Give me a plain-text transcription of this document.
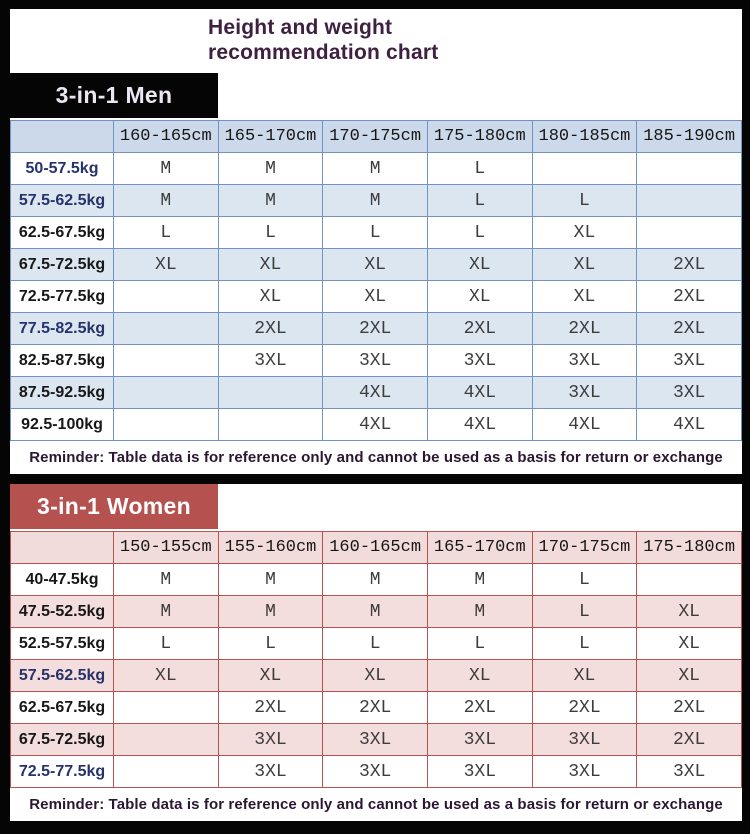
Height and weight recommendation chart
3-in-1 Men
	160-165cm	165-170cm	170-175cm	175-180cm	180-185cm	185-190cm
50-57.5kg	M	M	M	L		
57.5-62.5kg	M	M	M	L	L	
62.5-67.5kg	L	L	L	L	XL	
67.5-72.5kg	XL	XL	XL	XL	XL	2XL
72.5-77.5kg		XL	XL	XL	XL	2XL
77.5-82.5kg		2XL	2XL	2XL	2XL	2XL
82.5-87.5kg		3XL	3XL	3XL	3XL	3XL
87.5-92.5kg			4XL	4XL	3XL	3XL
92.5-100kg			4XL	4XL	4XL	4XL
Reminder: Table data is for reference only and cannot be used as a basis for return or exchange
3-in-1 Women
	150-155cm	155-160cm	160-165cm	165-170cm	170-175cm	175-180cm
40-47.5kg	M	M	M	M	L	
47.5-52.5kg	M	M	M	M	L	XL
52.5-57.5kg	L	L	L	L	L	XL
57.5-62.5kg	XL	XL	XL	XL	XL	XL
62.5-67.5kg		2XL	2XL	2XL	2XL	2XL
67.5-72.5kg		3XL	3XL	3XL	3XL	2XL
72.5-77.5kg		3XL	3XL	3XL	3XL	3XL
Reminder: Table data is for reference only and cannot be used as a basis for return or exchange
